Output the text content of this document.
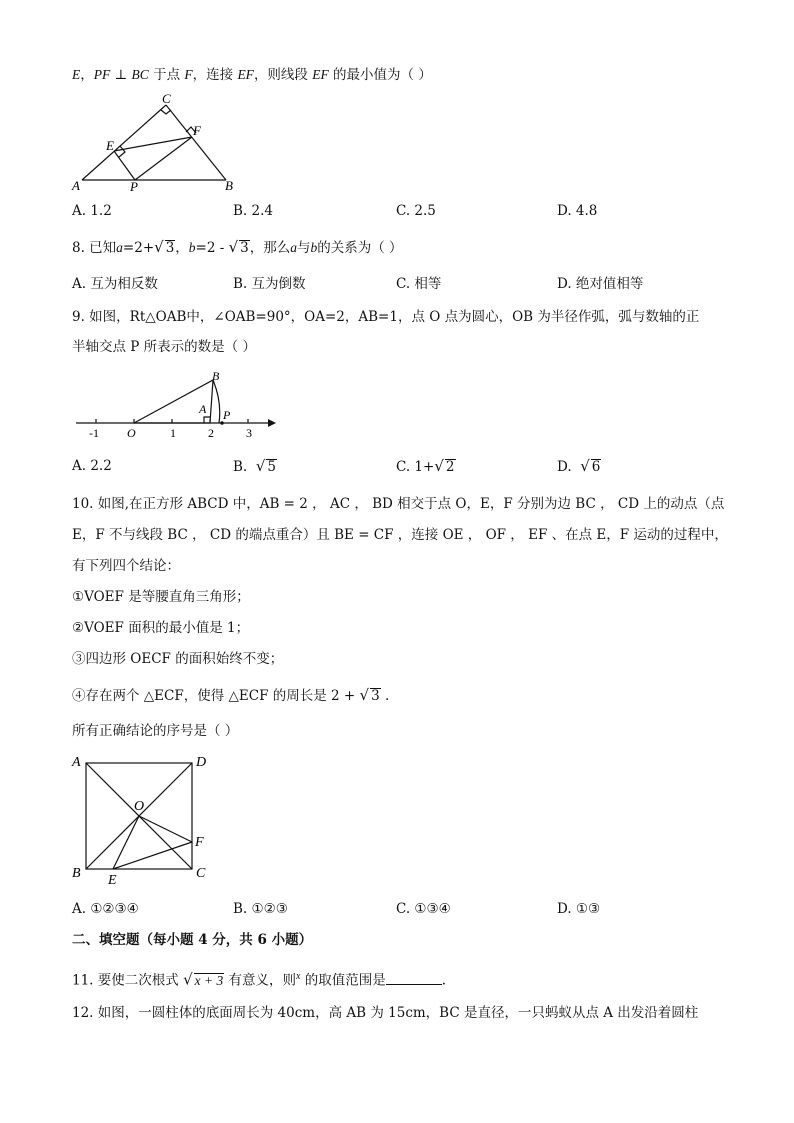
E，PF ⊥ BC 于点 F，连接 EF，则线段 EF 的最小值为（ ）
C
F
E
A	P	B
A. 1.2	B. 2.4	C. 2.5	D. 4.8
8. 已知a=2+√ 3，b=2 - √ 3，那么a与b的关系为（ ）
A. 互为相反数	B. 互为倒数	C. 相等	D. 绝对值相等
9. 如图，Rt△OAB中，∠OAB=90°，OA=2，AB=1，点 O 点为圆心，OB 为半径作弧，弧与数轴的正
半轴交点 P 所表示的数是（ ）
B
A P
O
-1	1	2	3
A. 2.2	B. √ 5	C. 1+√ 2	D. √ 6
10. 如图,在正方形 ABCD 中，AB = 2 ， AC ， BD 相交于点 O，E，F 分别为边 BC ， CD 上的动点（点
E，F 不与线段 BC ， CD 的端点重合）且 BE = CF ，连接 OE ， OF ， EF 、在点 E，F 运动的过程中，
有下列四个结论：
①VOEF 是等腰直角三角形；
②VOEF 面积的最小值是 1；
③四边形 OECF 的面积始终不变；
④存在两个 △ECF，使得 △ECF 的周长是 2 + √ 3 .
所有正确结论的序号是（ ）
A	D
O
F
B E	C
A. ①②③④	B. ①②③	C. ①③④	D. ①③
二、填空题（每小题 4 分，共 6 小题）
11. 要使二次根式 √ x + 3 有意义，则$^x$ 的取值范围是	.
12. 如图，一圆柱体的底面周长为 40cm，高 AB 为 15cm，BC 是直径，一只蚂蚁从点 A 出发沿着圆柱
